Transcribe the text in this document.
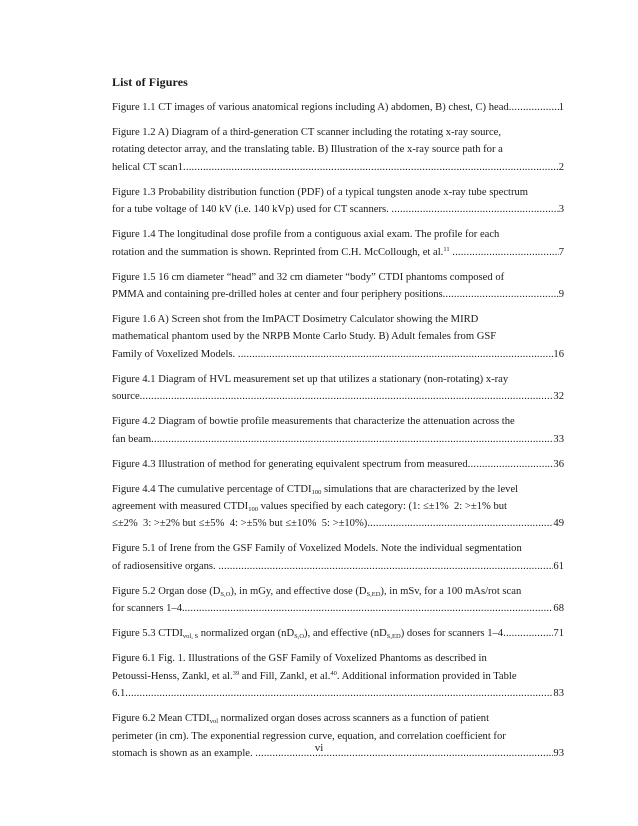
List of Figures
Figure 1.1 CT images of various anatomical regions including A) abdomen, B) chest, C) head .....	1
Figure 1.2 A) Diagram of a third-generation CT scanner including the rotating x-ray source,
rotating detector array, and the translating table. B) Illustration of the x-ray source path for a
helical CT scan1 .....	2
Figure 1.3 Probability distribution function (PDF) of a typical tungsten anode x-ray tube spectrum
for a tube voltage of 140 kV (i.e. 140 kVp) used for CT scanners. .....	3
Figure 1.4 The longitudinal dose profile from a contiguous axial exam. The profile for each
rotation and the summation is shown. Reprinted from C.H. McCollough, et al.$^{11}$ .....	7
Figure 1.5 16 cm diameter “head” and 32 cm diameter “body” CTDI phantoms composed of
PMMA and containing pre-drilled holes at center and four periphery positions. .....	9
Figure 1.6 A) Screen shot from the ImPACT Dosimetry Calculator showing the MIRD
mathematical phantom used by the NRPB Monte Carlo Study. B) Adult females from GSF
Family of Voxelized Models. .....	16
Figure 4.1 Diagram of HVL measurement set up that utilizes a stationary (non-rotating) x-ray
source .....	32
Figure 4.2 Diagram of bowtie profile measurements that characterize the attenuation across the
fan beam .....	33
Figure 4.3 Illustration of method for generating equivalent spectrum from measured .....	36
Figure 4.4 The cumulative percentage of $CTDI_{100}$ simulations that are characterized by the level
agreement with measured $CTDI_{100}$ values specified by each category: (1: ≤±1%  2: >±1% but
≤±2%  3: >±2% but ≤±5%  4: >±5% but ≤±10%  5: >±10%) .....	49
Figure 5.1 of Irene from the GSF Family of Voxelized Models. Note the individual segmentation
of radiosensitive organs. .....	61
Figure 5.2 Organ dose $(D_{S,O})$, in mGy, and effective dose $(D_{S,ED})$, in mSv, for a 100 mAs/rot scan
for scanners 1–4. .....	68
Figure 5.3 $CTDI_{vol, S}$ normalized organ $(nD_{S,O})$, and effective $(nD_{S,ED})$ doses for scanners 1–4 .....	71
Figure 6.1 Fig. 1. Illustrations of the GSF Family of Voxelized Phantoms as described in
Petoussi-Henss, Zankl, et al.$^{39}$ and Fill, Zankl, et al.$^{40}$. Additional information provided in Table
6.1 .....	83
Figure 6.2 Mean $CTDI_{vol}$ normalized organ doses across scanners as a function of patient
perimeter (in cm). The exponential regression curve, equation, and correlation coefficient for
stomach is shown as an example. .....	93
vi
